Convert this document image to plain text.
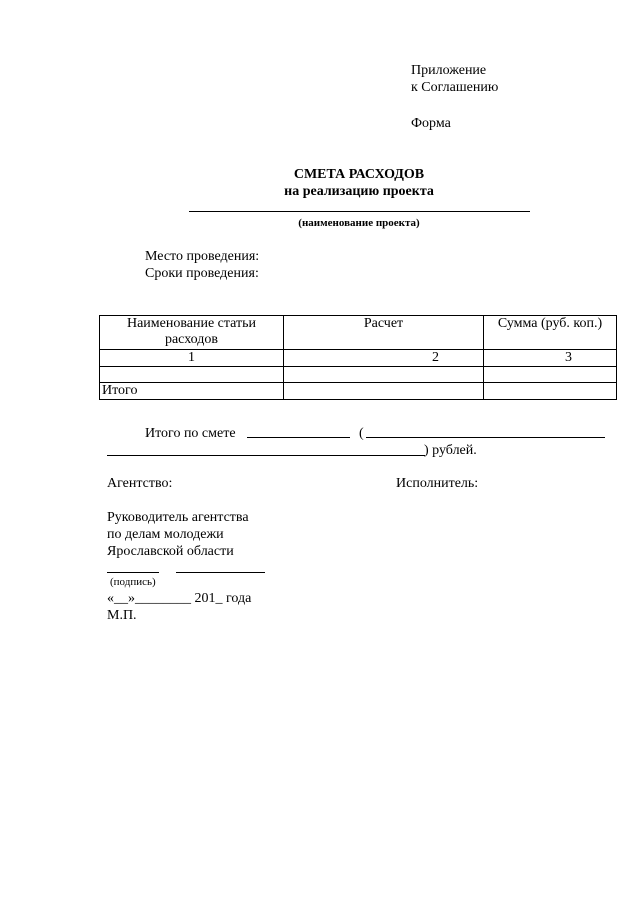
Приложение
к Соглашению
Форма
СМЕТА РАСХОДОВ
на реализацию проекта
(наименование проекта)
Место проведения:
Сроки проведения:
Наименование статьи расходов	Расчет	Сумма (руб. коп.)
1	2	3

Итого		
Итого по смете	(
) рублей.
Агентство:	Исполнитель:
Руководитель агентства
по делам молодежи
Ярославской области
(подпись)
«__»________ 201_ года
М.П.
